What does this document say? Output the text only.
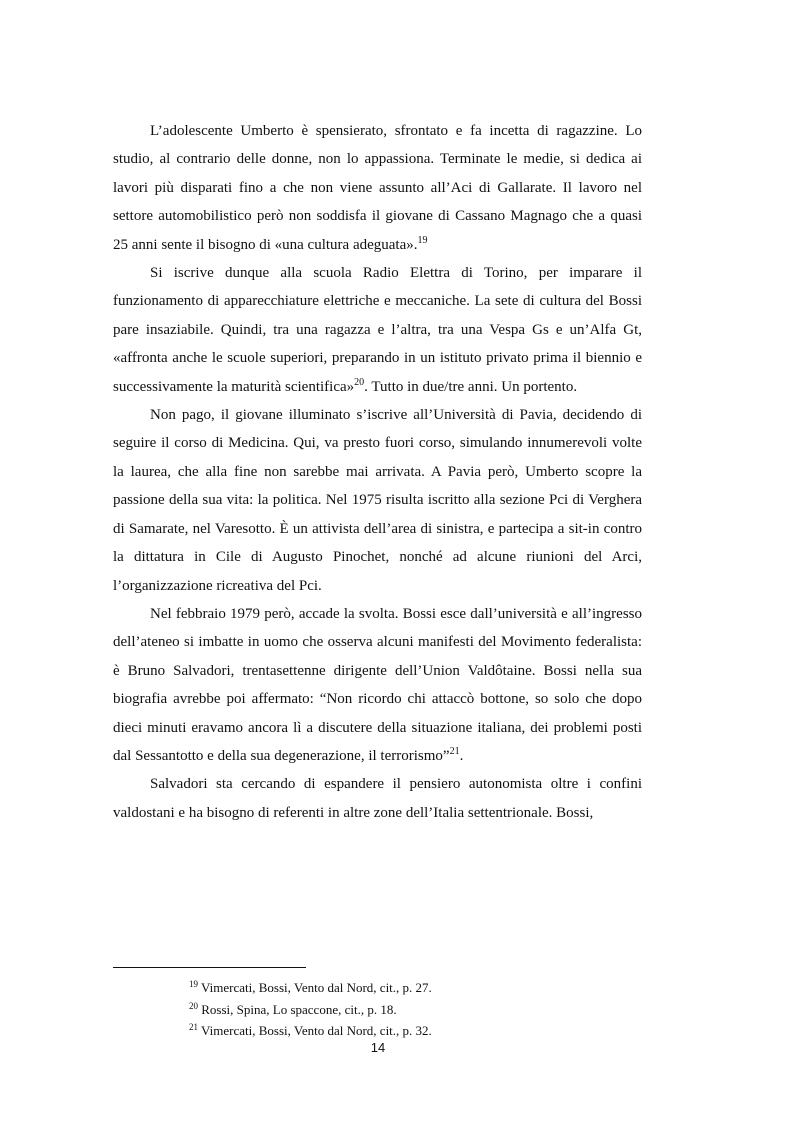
L’adolescente Umberto è spensierato, sfrontato e fa incetta di ragazzine. Lo studio, al contrario delle donne, non lo appassiona. Terminate le medie, si dedica ai lavori più disparati fino a che non viene assunto all’Aci di Gallarate. Il lavoro nel settore automobilistico però non soddisfa il giovane di Cassano Magnago che a quasi 25 anni sente il bisogno di «una cultura adeguata».$^{19}$

Si iscrive dunque alla scuola Radio Elettra di Torino, per imparare il funzionamento di apparecchiature elettriche e meccaniche. La sete di cultura del Bossi pare insaziabile. Quindi, tra una ragazza e l’altra, tra una Vespa Gs e un’Alfa Gt, «affronta anche le scuole superiori, preparando in un istituto privato prima il biennio e successivamente la maturità scientifica»$^{20}$. Tutto in due/tre anni. Un portento.

Non pago, il giovane illuminato s’iscrive all’Università di Pavia, decidendo di seguire il corso di Medicina. Qui, va presto fuori corso, simulando innumerevoli volte la laurea, che alla fine non sarebbe mai arrivata. A Pavia però, Umberto scopre la passione della sua vita: la politica. Nel 1975 risulta iscritto alla sezione Pci di Verghera di Samarate, nel Varesotto. È un attivista dell’area di sinistra, e partecipa a sit-in contro la dittatura in Cile di Augusto Pinochet, nonché ad alcune riunioni del Arci, l’organizzazione ricreativa del Pci.

Nel febbraio 1979 però, accade la svolta. Bossi esce dall’università e all’ingresso dell’ateneo si imbatte in uomo che osserva alcuni manifesti del Movimento federalista: è Bruno Salvadori, trentasettenne dirigente dell’Union Valdôtaine. Bossi nella sua biografia avrebbe poi affermato: “Non ricordo chi attaccò bottone, so solo che dopo dieci minuti eravamo ancora lì a discutere della situazione italiana, dei problemi posti dal Sessantotto e della sua degenerazione, il terrorismo”$^{21}$.

Salvadori sta cercando di espandere il pensiero autonomista oltre i confini valdostani e ha bisogno di referenti in altre zone dell’Italia settentrionale. Bossi,

$^{19}$ Vimercati, Bossi, Vento dal Nord, cit., p. 27.

$^{20}$ Rossi, Spina, Lo spaccone, cit., p. 18.

$^{21}$ Vimercati, Bossi, Vento dal Nord, cit., p. 32.

14
